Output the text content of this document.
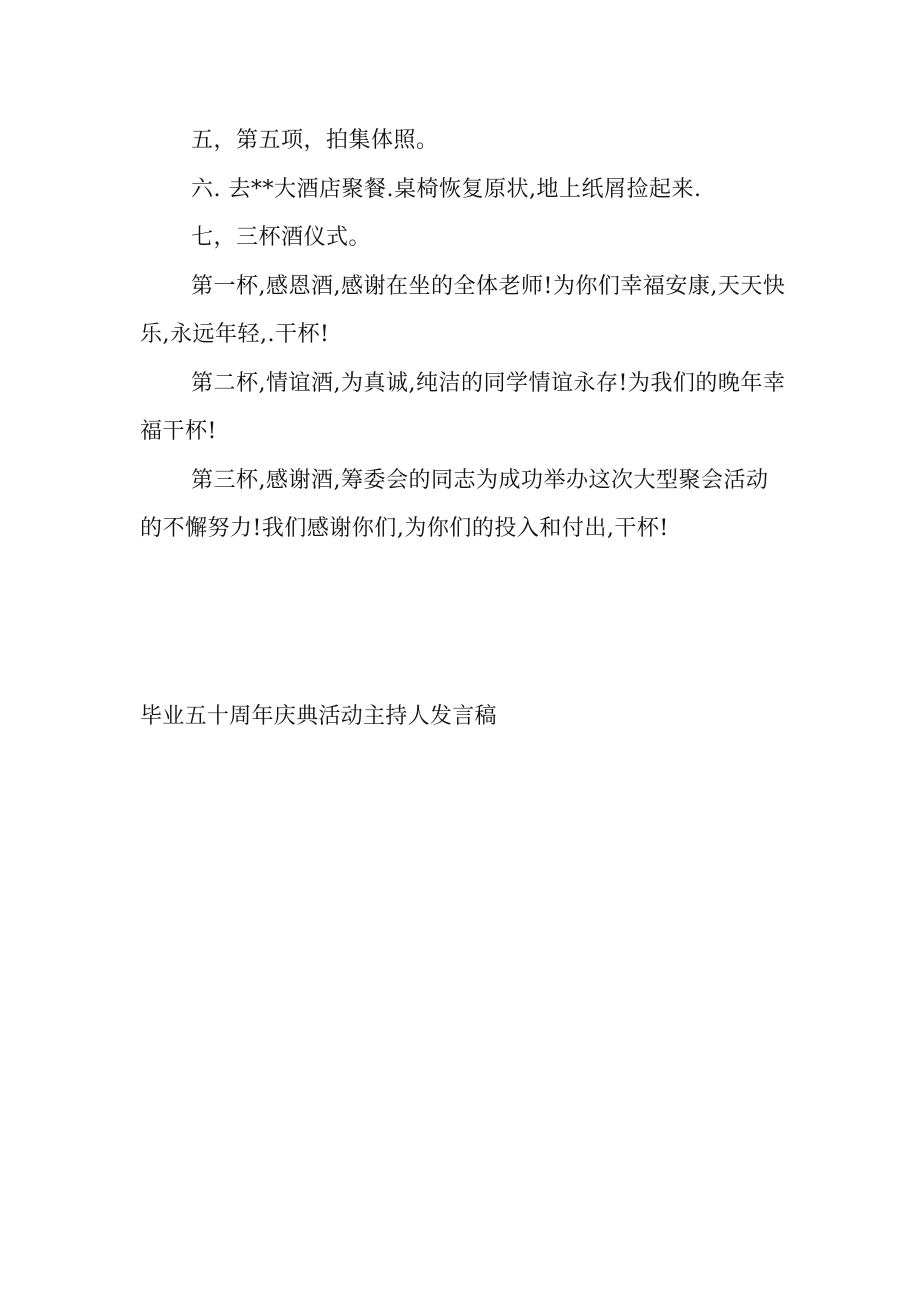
五，第五项，拍集体照。

六. 去**大酒店聚餐.桌椅恢复原状,地上纸屑捡起来.

七，三杯酒仪式。

第一杯,感恩酒,感谢在坐的全体老师!为你们幸福安康,天天快乐,永远年轻,.干杯!

第二杯,情谊酒,为真诚,纯洁的同学情谊永存!为我们的晚年幸福干杯!

第三杯,感谢酒,筹委会的同志为成功举办这次大型聚会活动的不懈努力!我们感谢你们,为你们的投入和付出,干杯!

毕业五十周年庆典活动主持人发言稿
